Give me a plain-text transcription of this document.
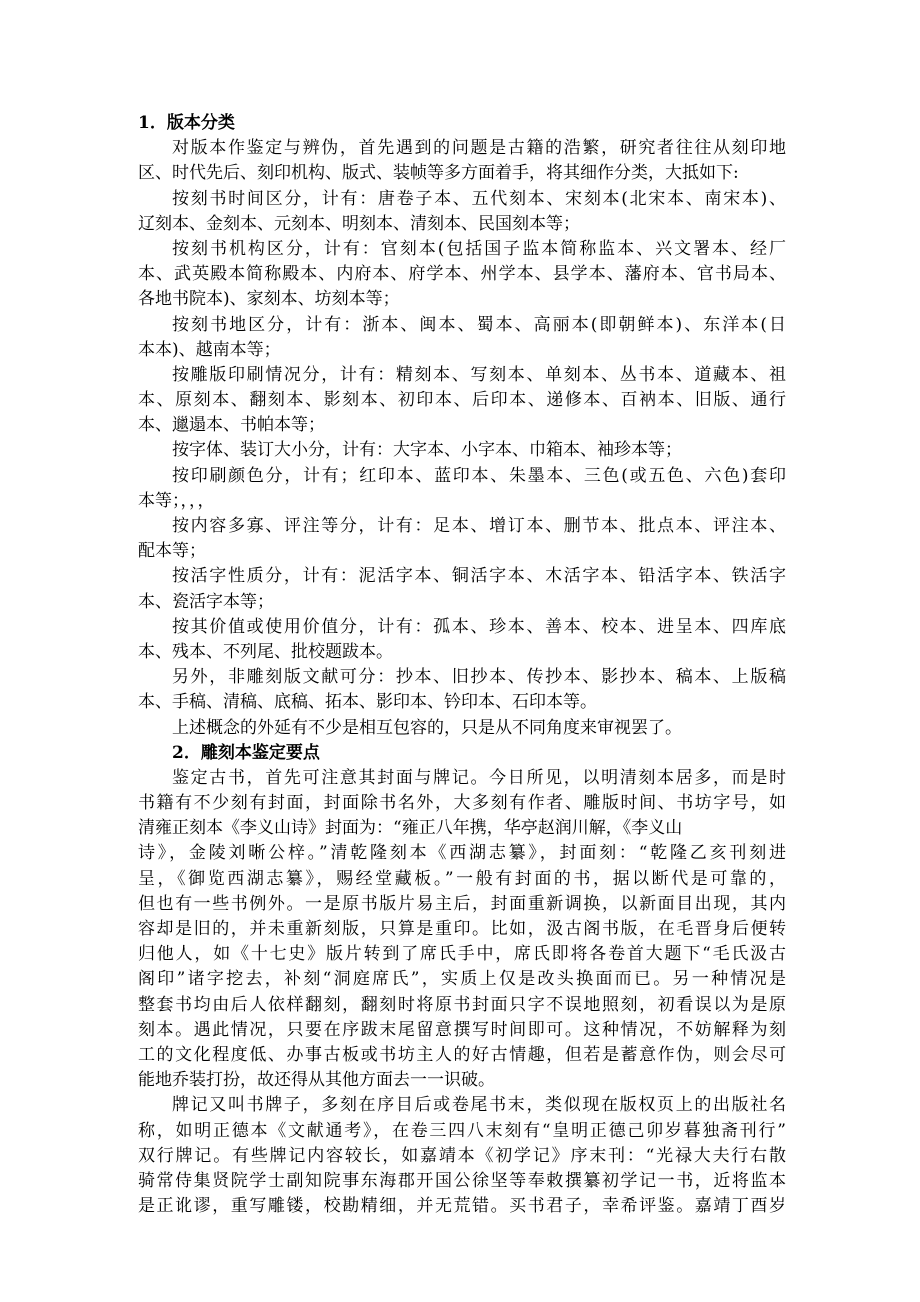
1．版本分类
对版本作鉴定与辨伪，首先遇到的问题是古籍的浩繁，研究者往往从刻印地
区、时代先后、刻印机构、版式、装帧等多方面着手，将其细作分类，大抵如下:
按刻书时间区分，计有：唐卷子本、五代刻本、宋刻本(北宋本、南宋本)、
辽刻本、金刻本、元刻本、明刻本、清刻本、民国刻本等；
按刻书机构区分，计有：官刻本(包括国子监本简称监本、兴文署本、经厂
本、武英殿本简称殿本、内府本、府学本、州学本、县学本、藩府本、官书局本、
各地书院本)、家刻本、坊刻本等；
按刻书地区分，计有：浙本、闽本、蜀本、高丽本(即朝鲜本)、东洋本(日
本本)、越南本等；
按雕版印刷情况分，计有：精刻本、写刻本、单刻本、丛书本、道藏本、祖
本、原刻本、翻刻本、影刻本、初印本、后印本、递修本、百衲本、旧版、通行
本、邋遢本、书帕本等；
按字体、装订大小分，计有：大字本、小字本、巾箱本、袖珍本等；
按印刷颜色分，计有；红印本、蓝印本、朱墨本、三色(或五色、六色)套印
本等；，，，
按内容多寡、评注等分，计有：足本、增订本、删节本、批点本、评注本、
配本等；
按活字性质分，计有：泥活字本、铜活字本、木活字本、铅活字本、铁活字
本、瓷活字本等；
按其价值或使用价值分，计有：孤本、珍本、善本、校本、进呈本、四库底
本、残本、不列尾、批校题跋本。
另外，非雕刻版文献可分：抄本、旧抄本、传抄本、影抄本、稿本、上版稿
本、手稿、清稿、底稿、拓本、影印本、钤印本、石印本等。
上述概念的外延有不少是相互包容的，只是从不同角度来审视罢了。
2．雕刻本鉴定要点
鉴定古书，首先可注意其封面与牌记。今日所见，以明清刻本居多，而是时
书籍有不少刻有封面，封面除书名外，大多刻有作者、雕版时间、书坊字号，如
清雍正刻本《李义山诗》封面为：“雍正八年携，华亭赵润川解，《李义山
诗》，金陵刘晰公梓。”清乾隆刻本《西湖志纂》，封面刻：“乾隆乙亥刊刻进
呈，《御览西湖志纂》，赐经堂藏板。”一般有封面的书，据以断代是可靠的，
但也有一些书例外。一是原书版片易主后，封面重新调换，以新面目出现，其内
容却是旧的，并未重新刻版，只算是重印。比如，汲古阁书版，在毛晋身后便转
归他人，如《十七史》版片转到了席氏手中，席氏即将各卷首大题下“毛氏汲古
阁印”诸字挖去，补刻“洞庭席氏”，实质上仅是改头换面而已。另一种情况是
整套书均由后人依样翻刻，翻刻时将原书封面只字不误地照刻，初看误以为是原
刻本。遇此情况，只要在序跋末尾留意撰写时间即可。这种情况，不妨解释为刻
工的文化程度低、办事古板或书坊主人的好古情趣，但若是蓄意作伪，则会尽可
能地乔装打扮，故还得从其他方面去一一识破。
牌记又叫书牌子，多刻在序目后或卷尾书末，类似现在版权页上的出版社名
称，如明正德本《文献通考》，在卷三四八末刻有“皇明正德己卯岁暮独斋刊行”
双行牌记。有些牌记内容较长，如嘉靖本《初学记》序末刊：“光禄大夫行右散
骑常侍集贤院学士副知院事东海郡开国公徐坚等奉敕撰纂初学记一书，近将监本
是正讹谬，重写雕镂，校勘精细，并无荒错。买书君子，幸希评鉴。嘉靖丁酉岁
